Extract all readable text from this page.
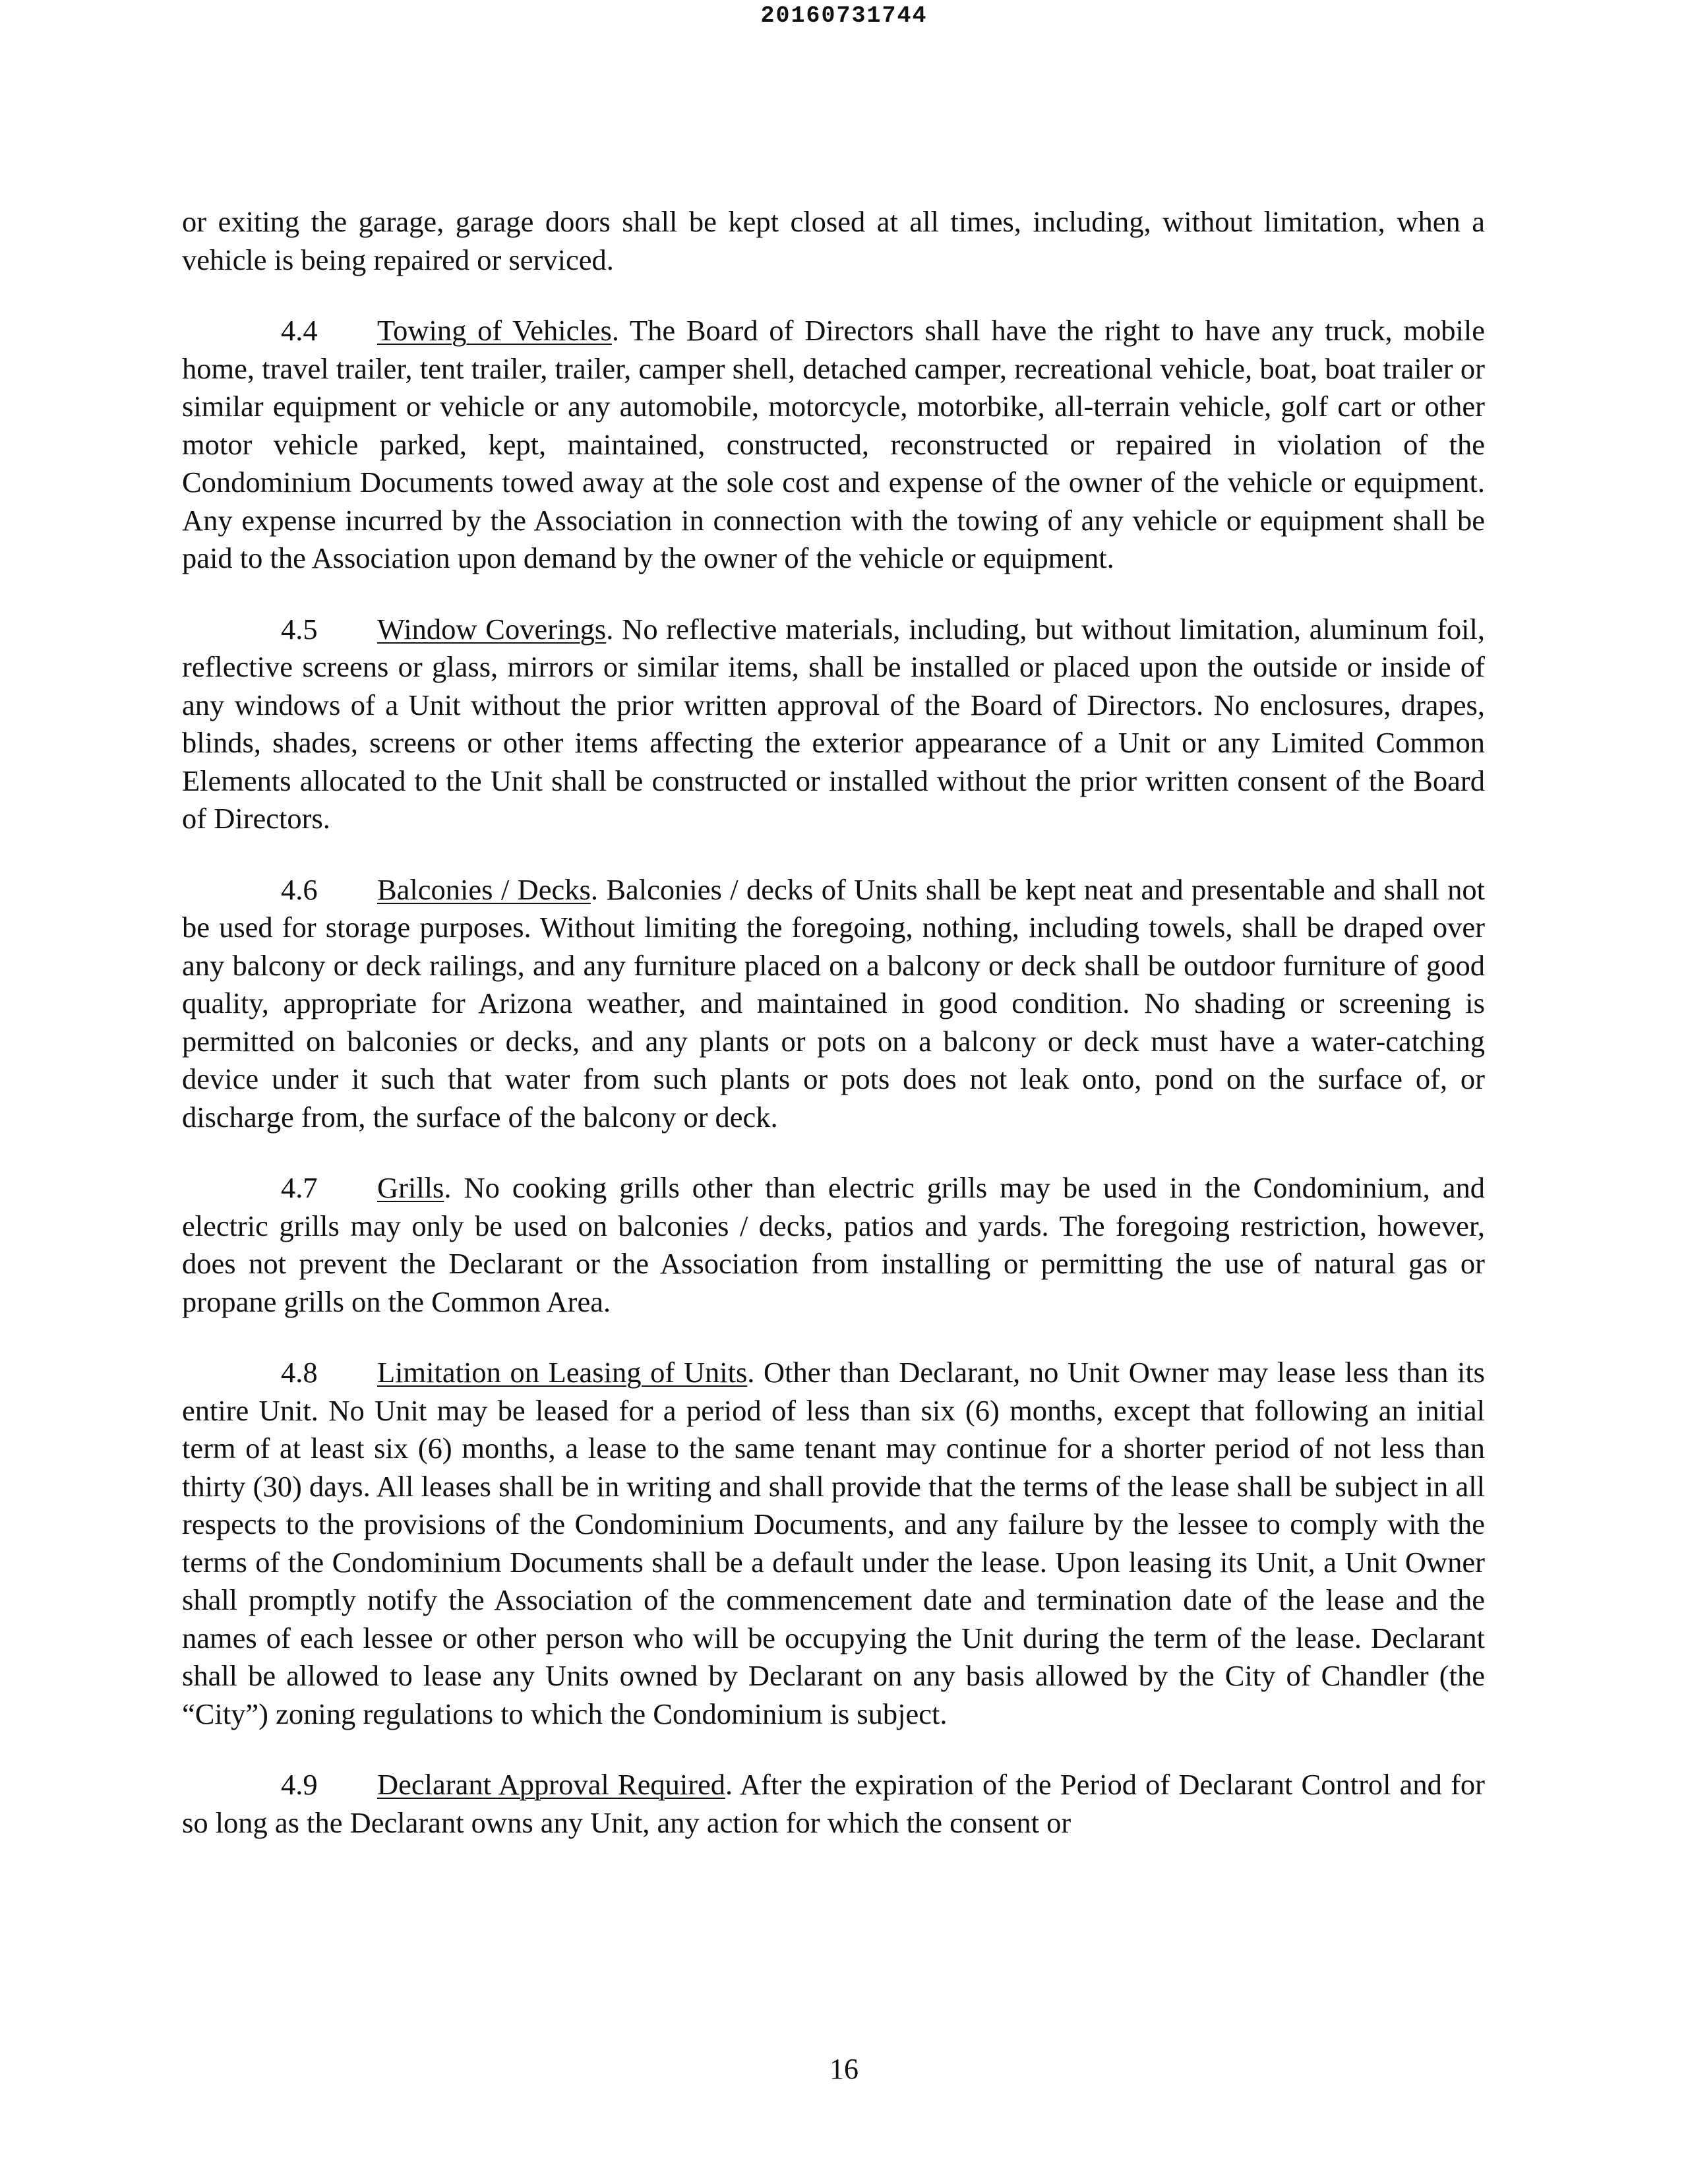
20160731744

or exiting the garage, garage doors shall be kept closed at all times, including, without limitation, when a vehicle is being repaired or serviced.

4.4 Towing of Vehicles. The Board of Directors shall have the right to have any truck, mobile home, travel trailer, tent trailer, trailer, camper shell, detached camper, recreational vehicle, boat, boat trailer or similar equipment or vehicle or any automobile, motorcycle, motorbike, all-terrain vehicle, golf cart or other motor vehicle parked, kept, maintained, constructed, reconstructed or repaired in violation of the Condominium Documents towed away at the sole cost and expense of the owner of the vehicle or equipment. Any expense incurred by the Association in connection with the towing of any vehicle or equipment shall be paid to the Association upon demand by the owner of the vehicle or equipment.

4.5 Window Coverings. No reflective materials, including, but without limitation, aluminum foil, reflective screens or glass, mirrors or similar items, shall be installed or placed upon the outside or inside of any windows of a Unit without the prior written approval of the Board of Directors. No enclosures, drapes, blinds, shades, screens or other items affecting the exterior appearance of a Unit or any Limited Common Elements allocated to the Unit shall be constructed or installed without the prior written consent of the Board of Directors.

4.6 Balconies / Decks. Balconies / decks of Units shall be kept neat and presentable and shall not be used for storage purposes. Without limiting the foregoing, nothing, including towels, shall be draped over any balcony or deck railings, and any furniture placed on a balcony or deck shall be outdoor furniture of good quality, appropriate for Arizona weather, and maintained in good condition. No shading or screening is permitted on balconies or decks, and any plants or pots on a balcony or deck must have a water-catching device under it such that water from such plants or pots does not leak onto, pond on the surface of, or discharge from, the surface of the balcony or deck.

4.7 Grills. No cooking grills other than electric grills may be used in the Condominium, and electric grills may only be used on balconies / decks, patios and yards. The foregoing restriction, however, does not prevent the Declarant or the Association from installing or permitting the use of natural gas or propane grills on the Common Area.

4.8 Limitation on Leasing of Units. Other than Declarant, no Unit Owner may lease less than its entire Unit. No Unit may be leased for a period of less than six (6) months, except that following an initial term of at least six (6) months, a lease to the same tenant may continue for a shorter period of not less than thirty (30) days. All leases shall be in writing and shall provide that the terms of the lease shall be subject in all respects to the provisions of the Condominium Documents, and any failure by the lessee to comply with the terms of the Condominium Documents shall be a default under the lease. Upon leasing its Unit, a Unit Owner shall promptly notify the Association of the commencement date and termination date of the lease and the names of each lessee or other person who will be occupying the Unit during the term of the lease. Declarant shall be allowed to lease any Units owned by Declarant on any basis allowed by the City of Chandler (the “City”) zoning regulations to which the Condominium is subject.

4.9 Declarant Approval Required. After the expiration of the Period of Declarant Control and for so long as the Declarant owns any Unit, any action for which the consent or

16
